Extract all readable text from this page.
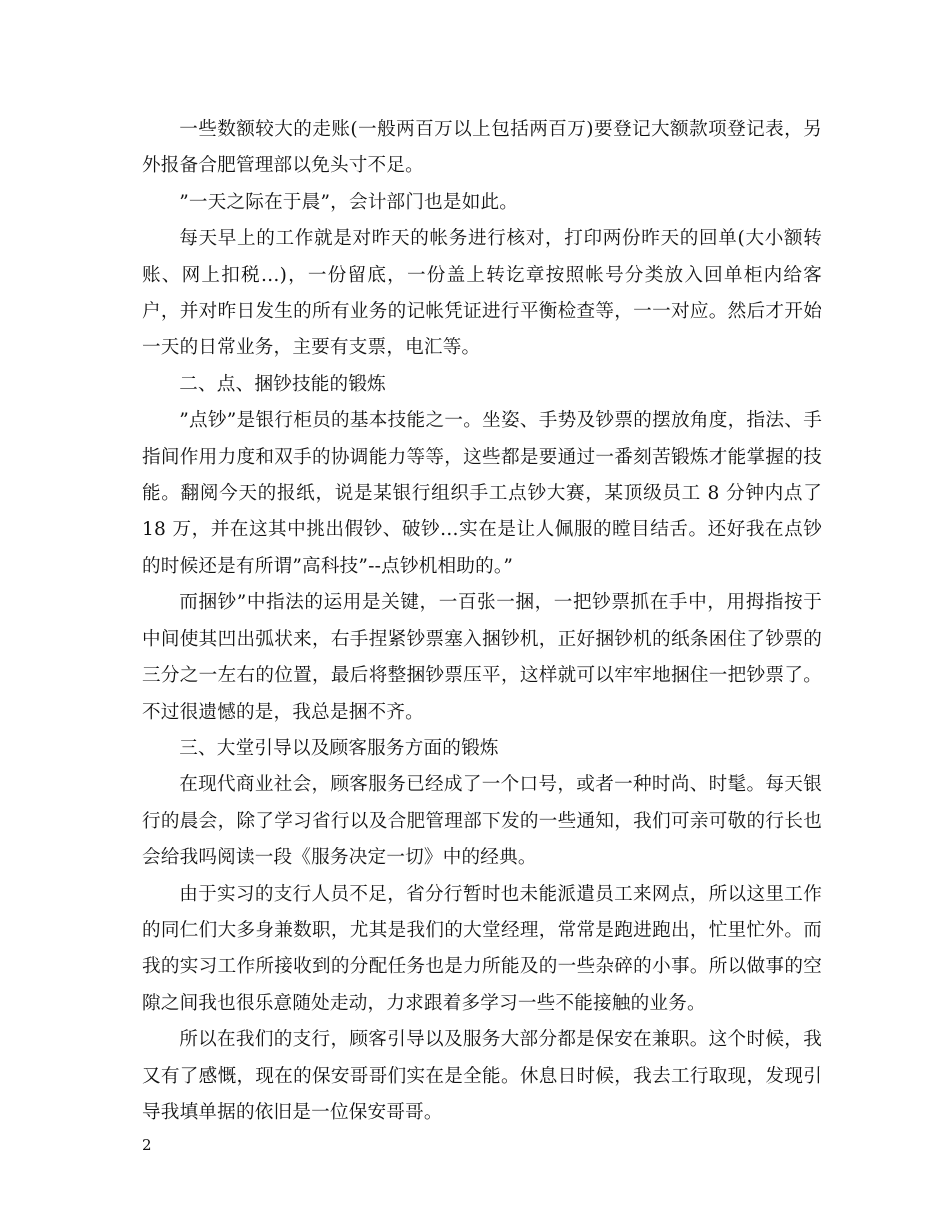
一些数额较大的走账(一般两百万以上包括两百万)要登记大额款项登记表，另外报备合肥管理部以免头寸不足。

”一天之际在于晨”，会计部门也是如此。

每天早上的工作就是对昨天的帐务进行核对，打印两份昨天的回单(大小额转账、网上扣税…)，一份留底，一份盖上转讫章按照帐号分类放入回单柜内给客户，并对昨日发生的所有业务的记帐凭证进行平衡检查等，一一对应。然后才开始一天的日常业务，主要有支票，电汇等。

二、点、捆钞技能的锻炼

”点钞”是银行柜员的基本技能之一。坐姿、手势及钞票的摆放角度，指法、手指间作用力度和双手的协调能力等等，这些都是要通过一番刻苦锻炼才能掌握的技能。翻阅今天的报纸，说是某银行组织手工点钞大赛，某顶级员工 8 分钟内点了 18 万，并在这其中挑出假钞、破钞…实在是让人佩服的瞠目结舌。还好我在点钞的时候还是有所谓”高科技”--点钞机相助的。”

而捆钞”中指法的运用是关键，一百张一捆，一把钞票抓在手中，用拇指按于中间使其凹出弧状来，右手捏紧钞票塞入捆钞机，正好捆钞机的纸条困住了钞票的三分之一左右的位置，最后将整捆钞票压平，这样就可以牢牢地捆住一把钞票了。不过很遗憾的是，我总是捆不齐。

三、大堂引导以及顾客服务方面的锻炼

在现代商业社会，顾客服务已经成了一个口号，或者一种时尚、时髦。每天银行的晨会，除了学习省行以及合肥管理部下发的一些通知，我们可亲可敬的行长也会给我吗阅读一段《服务决定一切》中的经典。

由于实习的支行人员不足，省分行暂时也未能派遣员工来网点，所以这里工作的同仁们大多身兼数职，尤其是我们的大堂经理，常常是跑进跑出，忙里忙外。而我的实习工作所接收到的分配任务也是力所能及的一些杂碎的小事。所以做事的空隙之间我也很乐意随处走动，力求跟着多学习一些不能接触的业务。

所以在我们的支行，顾客引导以及服务大部分都是保安在兼职。这个时候，我又有了感慨，现在的保安哥哥们实在是全能。休息日时候，我去工行取现，发现引导我填单据的依旧是一位保安哥哥。

2
